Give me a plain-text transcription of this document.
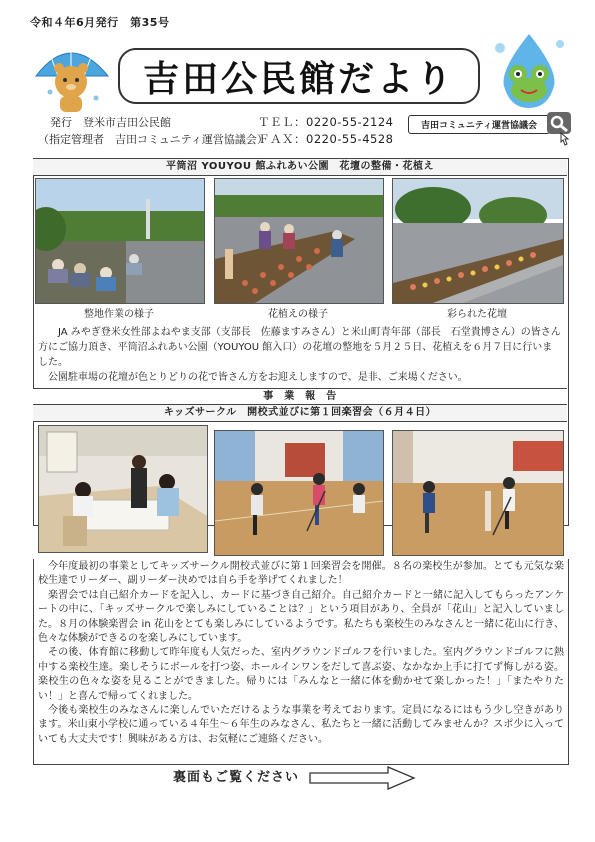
令和４年6月発行　第35号
吉田公民館だより
発行　登米市吉田公民館
（指定管理者　吉田コミュニティ運営協議会）
ＴＥＬ：0220-55-2124
ＦＡＸ：0220-55-4528
吉田コミュニティ運営協議会
平筒沼 YOUYOU 館ふれあい公園　花壇の整備・花植え
整地作業の様子	花植えの様子	彩られた花壇
JA みやぎ登米女性部よねやま支部（支部長　佐藤ますみさん）と米山町青年部（部長　石堂貴博さん）の皆さん方にご協力頂き、平筒沼ふれあい公園（YOUYOU 館入口）の花壇の整地を５月２５日、花植えを６月７日に行いました。
公園駐車場の花壇が色とりどりの花で皆さん方をお迎えしますので、是非、ご来場ください。
事　業　報　告
キッズサークル　開校式並びに第１回楽習会（６月４日）
今年度最初の事業としてキッズサークル開校式並びに第１回楽習会を開催。８名の楽校生が参加。とても元気な楽校生達でリーダー、副リーダー決めでは自ら手を挙げてくれました！
楽習会では自己紹介カードを記入し、カードに基づき自己紹介。自己紹介カードと一緒に記入してもらったアンケートの中に、「キッズサークルで楽しみにしていることは？」という項目があり、全員が「花山」と記入していました。８月の体験楽習会 in 花山をとても楽しみにしているようです。私たちも楽校生のみなさんと一緒に花山に行き、色々な体験ができるのを楽しみにしています。
その後、体育館に移動して昨年度も人気だった、室内グラウンドゴルフを行いました。室内グラウンドゴルフに熱中する楽校生達。楽しそうにボールを打つ姿、ホールインワンをだして喜ぶ姿、なかなか上手に打てず悔しがる姿。楽校生の色々な姿を見ることができました。帰りには「みんなと一緒に体を動かせて楽しかった！」「またやりたい！」と喜んで帰ってくれました。
今後も楽校生のみなさんに楽しんでいただけるような事業を考えております。定員になるにはもう少し空きがあります。米山東小学校に通っている４年生～６年生のみなさん、私たちと一緒に活動してみませんか？スポ少に入っていても大丈夫です！興味がある方は、お気軽にご連絡ください。
裏面もご覧ください
